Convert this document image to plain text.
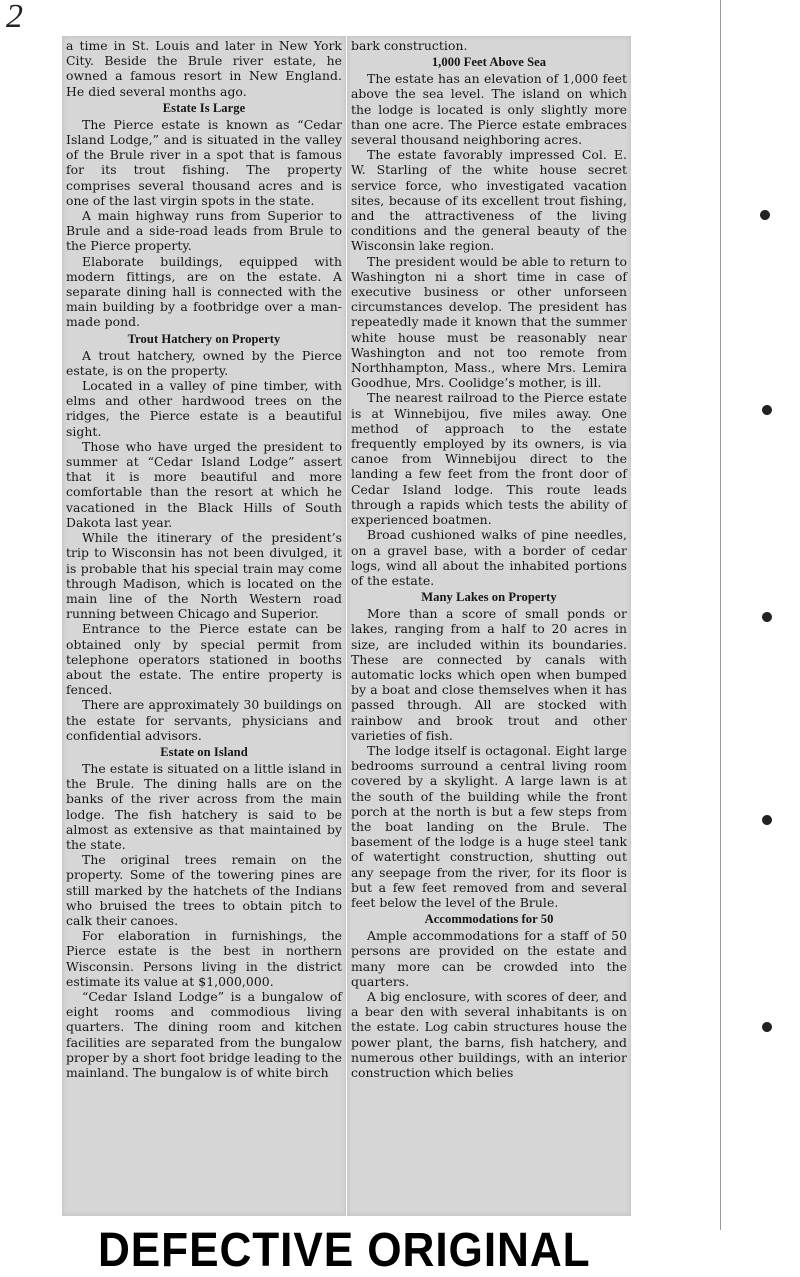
2

a time in St. Louis and later in New York City. Beside the Brule river estate, he owned a famous resort in New England. He died several months ago.

Estate Is Large

The Pierce estate is known as “Cedar Island Lodge,” and is situated in the valley of the Brule river in a spot that is famous for its trout fishing. The property comprises several thousand acres and is one of the last virgin spots in the state.

A main highway runs from Superior to Brule and a side-road leads from Brule to the Pierce property.

Elaborate buildings, equipped with modern fittings, are on the estate. A separate dining hall is connected with the main building by a footbridge over a man-made pond.

Trout Hatchery on Property

A trout hatchery, owned by the Pierce estate, is on the property.

Located in a valley of pine timber, with elms and other hardwood trees on the ridges, the Pierce estate is a beautiful sight.

Those who have urged the president to summer at “Cedar Island Lodge” assert that it is more beautiful and more comfortable than the resort at which he vacationed in the Black Hills of South Dakota last year.

While the itinerary of the president’s trip to Wisconsin has not been divulged, it is probable that his special train may come through Madison, which is located on the main line of the North Western road running between Chicago and Superior.

Entrance to the Pierce estate can be obtained only by special permit from telephone operators stationed in booths about the estate. The entire property is fenced.

There are approximately 30 buildings on the estate for servants, physicians and confidential advisors.

Estate on Island

The estate is situated on a little island in the Brule. The dining halls are on the banks of the river across from the main lodge. The fish hatchery is said to be almost as extensive as that maintained by the state.

The original trees remain on the property. Some of the towering pines are still marked by the hatchets of the Indians who bruised the trees to obtain pitch to calk their canoes.

For elaboration in furnishings, the Pierce estate is the best in northern Wisconsin. Persons living in the district estimate its value at $1,000,000.

“Cedar Island Lodge” is a bungalow of eight rooms and commodious living quarters. The dining room and kitchen facilities are separated from the bungalow proper by a short foot bridge leading to the mainland. The bungalow is of white birch

bark construction.

1,000 Feet Above Sea

The estate has an elevation of 1,000 feet above the sea level. The island on which the lodge is located is only slightly more than one acre. The Pierce estate embraces several thousand neighboring acres.

The estate favorably impressed Col. E. W. Starling of the white house secret service force, who investigated vacation sites, because of its excellent trout fishing, and the attractiveness of the living conditions and the general beauty of the Wisconsin lake region.

The president would be able to return to Washington ni a short time in case of executive business or other unforseen circumstances develop. The president has repeatedly made it known that the summer white house must be reasonably near Washington and not too remote from Northhampton, Mass., where Mrs. Lemira Goodhue, Mrs. Coolidge’s mother, is ill.

The nearest railroad to the Pierce estate is at Winnebijou, five miles away. One method of approach to the estate frequently employed by its owners, is via canoe from Winnebijou direct to the landing a few feet from the front door of Cedar Island lodge. This route leads through a rapids which tests the ability of experienced boatmen.

Broad cushioned walks of pine needles, on a gravel base, with a border of cedar logs, wind all about the inhabited portions of the estate.

Many Lakes on Property

More than a score of small ponds or lakes, ranging from a half to 20 acres in size, are included within its boundaries. These are connected by canals with automatic locks which open when bumped by a boat and close themselves when it has passed through. All are stocked with rainbow and brook trout and other varieties of fish.

The lodge itself is octagonal. Eight large bedrooms surround a central living room covered by a skylight. A large lawn is at the south of the building while the front porch at the north is but a few steps from the boat landing on the Brule. The basement of the lodge is a huge steel tank of watertight construction, shutting out any seepage from the river, for its floor is but a few feet removed from and several feet below the level of the Brule.

Accommodations for 50

Ample accommodations for a staff of 50 persons are provided on the estate and many more can be crowded into the quarters.

A big enclosure, with scores of deer, and a bear den with several inhabitants is on the estate. Log cabin structures house the power plant, the barns, fish hatchery, and numerous other buildings, with an interior construction which belies

DEFECTIVE ORIGINAL
